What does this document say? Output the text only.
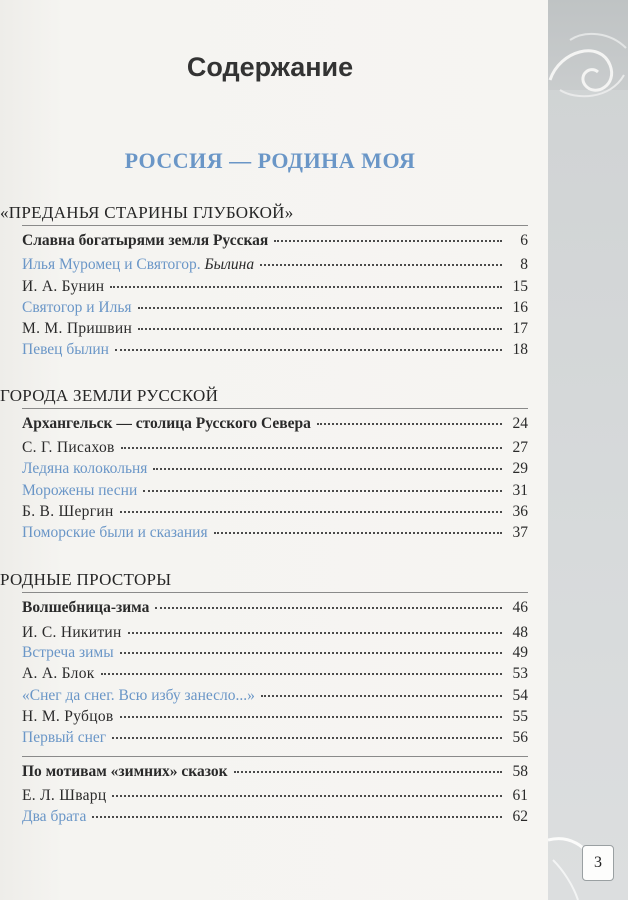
3
Содержание
РОССИЯ — РОДИНА МОЯ
«ПРЕДАНЬЯ СТАРИНЫ ГЛУБОКОЙ»
Славна богатырями земля Русская	6
Илья Муромец и Святогор. Былина	8
И. А. Бунин	15
Святогор и Илья	16
М. М. Пришвин	17
Певец былин	18
ГОРОДА ЗЕМЛИ РУССКОЙ
Архангельск — столица Русского Севера	24
С. Г. Писахов	27
Ледяна колокольня	29
Морожены песни	31
Б. В. Шергин	36
Поморские были и сказания	37
РОДНЫЕ ПРОСТОРЫ
Волшебница-зима	46
И. С. Никитин	48
Встреча зимы	49
А. А. Блок	53
«Снег да снег. Всю избу занесло...»	54
Н. М. Рубцов	55
Первый снег	56
По мотивам «зимних» сказок	58
Е. Л. Шварц	61
Два брата	62
